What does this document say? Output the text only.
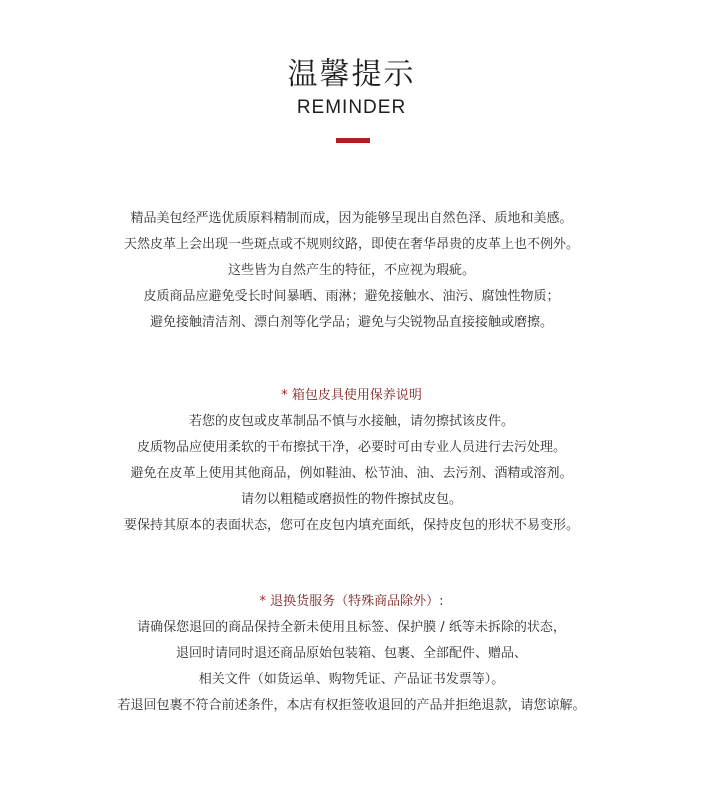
温馨提示
REMINDER
精品美包经严选优质原料精制而成，因为能够呈现出自然色泽、质地和美感。
天然皮革上会出现一些斑点或不规则纹路，即使在奢华昂贵的皮革上也不例外。
这些皆为自然产生的特征，不应视为瑕疵。
皮质商品应避免受长时间暴晒、雨淋；避免接触水、油污、腐蚀性物质；
避免接触清洁剂、漂白剂等化学品；避免与尖锐物品直接接触或磨擦。
* 箱包皮具使用保养说明
若您的皮包或皮革制品不慎与水接触，请勿擦拭该皮件。
皮质物品应使用柔软的干布擦拭干净，必要时可由专业人员进行去污处理。
避免在皮革上使用其他商品，例如鞋油、松节油、油、去污剂、酒精或溶剂。
请勿以粗糙或磨损性的物件擦拭皮包。
要保持其原本的表面状态，您可在皮包内填充面纸，保持皮包的形状不易变形。
* 退换货服务（特殊商品除外）:
请确保您退回的商品保持全新未使用且标签、保护膜 / 纸等未拆除的状态，
退回时请同时退还商品原始包装箱、包裹、全部配件、赠品、
相关文件（如货运单、购物凭证、产品证书发票等）。
若退回包裹不符合前述条件，本店有权拒签收退回的产品并拒绝退款，请您谅解。
